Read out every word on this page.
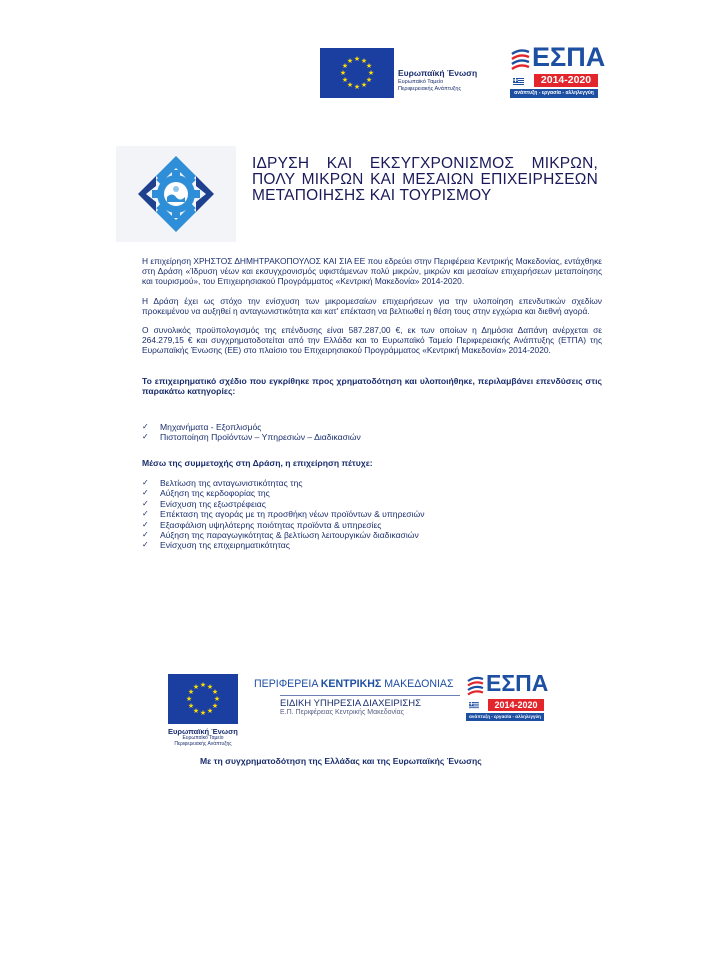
★ ★
★
★
★
★
★
★
★
★
★
★
Ευρωπαϊκή Ένωση
Ευρωπαϊκό Ταμείο Περιφερειακής Ανάπτυξης
ΕΣΠΑ
2014-2020
ανάπτυξη - εργασία - αλληλεγγύη
ΙΔΡΥΣΗ ΚΑΙ ΕΚΣΥΓΧΡΟΝΙΣΜΟΣ ΜΙΚΡΩΝ, ΠΟΛΥ ΜΙΚΡΩΝ ΚΑΙ ΜΕΣΑΙΩΝ ΕΠΙΧΕΙΡΗΣΕΩΝ ΜΕΤΑΠΟΙΗΣΗΣ ΚΑΙ ΤΟΥΡΙΣΜΟΥ

Η επιχείρηση ΧΡΗΣΤΟΣ ΔΗΜΗΤΡΑΚΟΠΟΥΛΟΣ ΚΑΙ ΣΙΑ ΕΕ που εδρεύει στην Περιφέρεια Κεντρικής Μακεδονίας, εντάχθηκε στη Δράση «Ίδρυση νέων και εκσυγχρονισμός υφιστάμενων πολύ μικρών, μικρών και μεσαίων επιχειρήσεων μεταποίησης και τουρισμού», του Επιχειρησιακού Προγράμματος «Κεντρική Μακεδονία» 2014-2020.

Η Δράση έχει ως στόχο την ενίσχυση των μικρομεσαίων επιχειρήσεων για την υλοποίηση επενδυτικών σχεδίων προκειμένου να αυξηθεί η ανταγωνιστικότητα και κατ' επέκταση να βελτιωθεί η θέση τους στην εγχώρια και διεθνή αγορά.

Ο συνολικός προϋπολογισμός της επένδυσης είναι 587.287,00 €, εκ των οποίων η Δημόσια Δαπάνη ανέρχεται σε 264.279,15 € και συγχρηματοδοτείται από την Ελλάδα και το Ευρωπαϊκό Ταμείο Περιφερειακής Ανάπτυξης (ΕΤΠΑ) της Ευρωπαϊκής Ένωσης (ΕΕ) στο πλαίσιο του Επιχειρησιακού Προγράμματος «Κεντρική Μακεδονία» 2014-2020.

Το επιχειρηματικό σχέδιο που εγκρίθηκε προς χρηματοδότηση και υλοποιήθηκε, περιλαμβάνει επενδύσεις στις παρακάτω κατηγορίες:

✓ Μηχανήματα - Εξοπλισμός
✓ Πιστοποίηση Προϊόντων – Υπηρεσιών – Διαδικασιών

Μέσω της συμμετοχής στη Δράση, η επιχείρηση πέτυχε:

✓ Βελτίωση της ανταγωνιστικότητας της
✓ Αύξηση της κερδοφορίας της
✓ Ενίσχυση της εξωστρέφειας
✓ Επέκταση της αγοράς με τη προσθήκη νέων προϊόντων & υπηρεσιών
✓ Εξασφάλιση υψηλότερης ποιότητας προϊόντα & υπηρεσίες
✓ Αύξηση της παραγωγικότητας & βελτίωση λειτουργικών διαδικασιών
✓ Ενίσχυση της επιχειρηματικότητας
★ ★
★
★
★
★
★
★
★
★
★
★
Ευρωπαϊκή Ένωση
Ευρωπαϊκό Ταμείο Περιφερειακής Ανάπτυξης
ΠΕΡΙΦΕΡΕΙΑ ΚΕΝΤΡΙΚΗΣ ΜΑΚΕΔΟΝΙΑΣ
ΕΙΔΙΚΗ ΥΠΗΡΕΣΙΑ ΔΙΑΧΕΙΡΙΣΗΣ
Ε.Π. Περιφέρειας Κεντρικής Μακεδονίας
ΕΣΠΑ
2014-2020
ανάπτυξη - εργασία - αλληλεγγύη
Με τη συγχρηματοδότηση της Ελλάδας και της Ευρωπαϊκής Ένωσης
